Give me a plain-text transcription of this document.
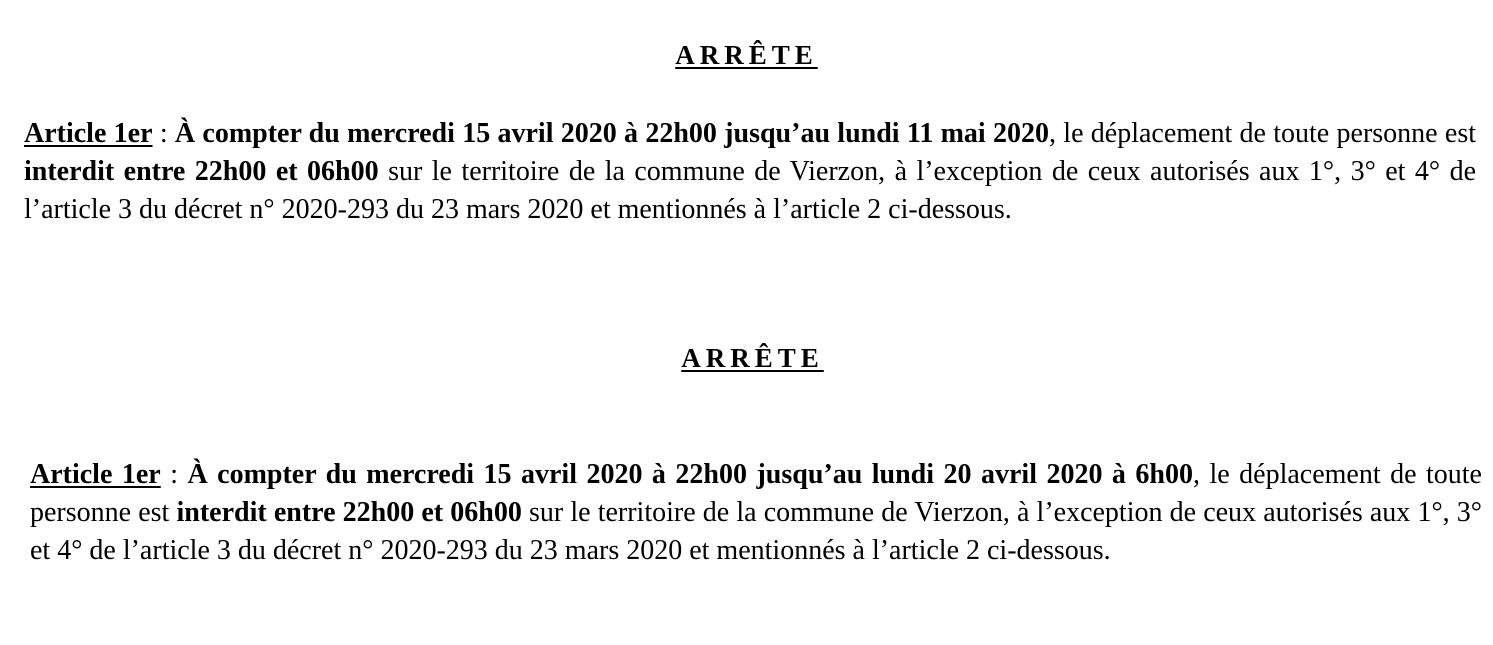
ARRÊTE

Article 1er : À compter du mercredi 15 avril 2020 à 22h00 jusqu’au lundi 11 mai 2020, le déplacement de toute personne est interdit entre 22h00 et 06h00 sur le territoire de la commune de Vierzon, à l’exception de ceux autorisés aux 1°, 3° et 4° de l’article 3 du décret n° 2020-293 du 23 mars 2020 et mentionnés à l’article 2 ci-dessous.

ARRÊTE

Article 1er : À compter du mercredi 15 avril 2020 à 22h00 jusqu’au lundi 20 avril 2020 à 6h00, le déplacement de toute personne est interdit entre 22h00 et 06h00 sur le territoire de la commune de Vierzon, à l’exception de ceux autorisés aux 1°, 3° et 4° de l’article 3 du décret n° 2020-293 du 23 mars 2020 et mentionnés à l’article 2 ci-dessous.
